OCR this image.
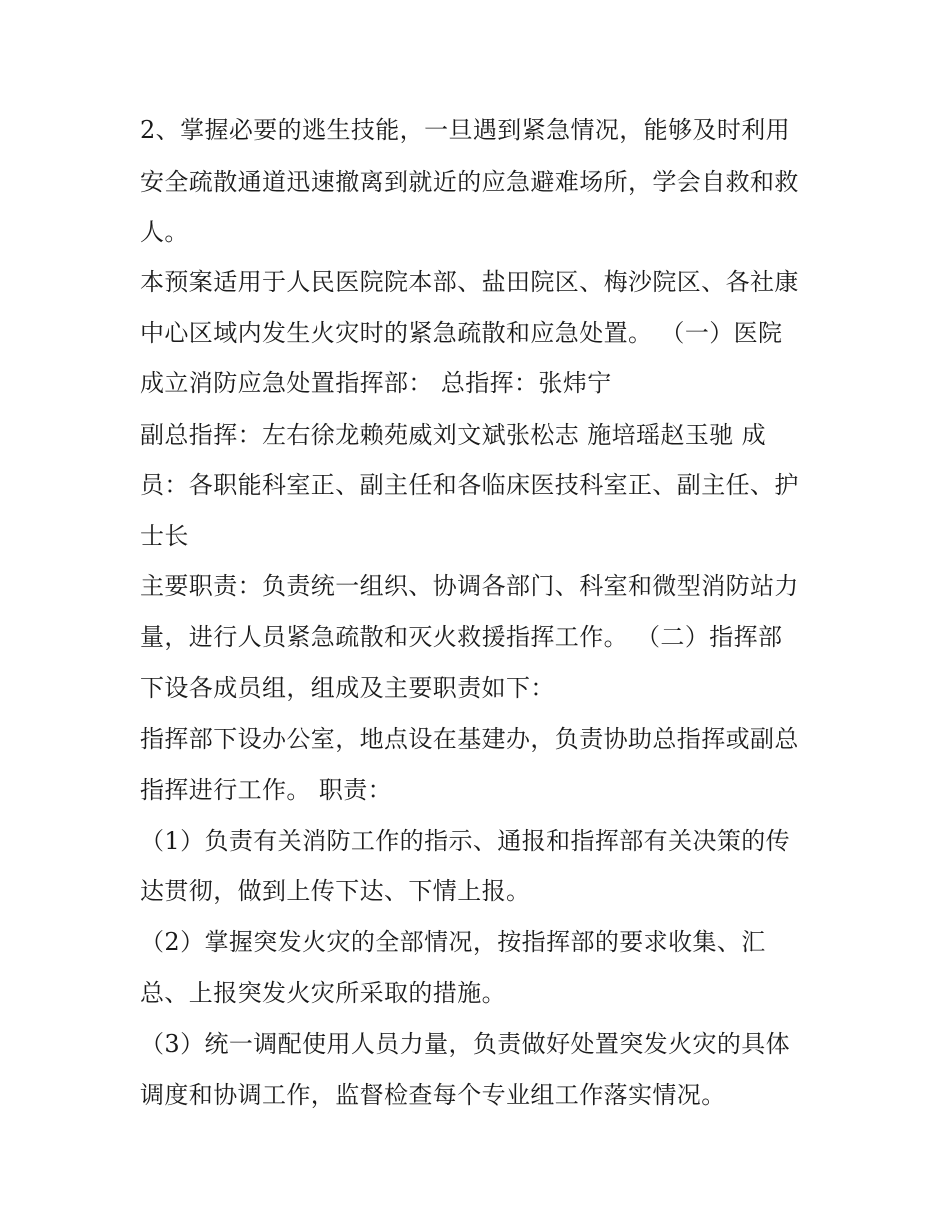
2、掌握必要的逃生技能，一旦遇到紧急情况，能够及时利用

安全疏散通道迅速撤离到就近的应急避难场所，学会自救和救

人。

本预案适用于人民医院院本部、盐田院区、梅沙院区、各社康

中心区域内发生火灾时的紧急疏散和应急处置。 （一）医院

成立消防应急处置指挥部： 总指挥：张炜宁

副总指挥：左右徐龙赖苑威刘文斌张松志 施培瑶赵玉驰 成

员：各职能科室正、副主任和各临床医技科室正、副主任、护

士长

主要职责：负责统一组织、协调各部门、科室和微型消防站力

量，进行人员紧急疏散和灭火救援指挥工作。 （二）指挥部

下设各成员组，组成及主要职责如下：

指挥部下设办公室，地点设在基建办，负责协助总指挥或副总

指挥进行工作。 职责：

（1）负责有关消防工作的指示、通报和指挥部有关决策的传

达贯彻，做到上传下达、下情上报。

（2）掌握突发火灾的全部情况，按指挥部的要求收集、汇

总、上报突发火灾所采取的措施。

（3）统一调配使用人员力量，负责做好处置突发火灾的具体

调度和协调工作，监督检查每个专业组工作落实情况。
